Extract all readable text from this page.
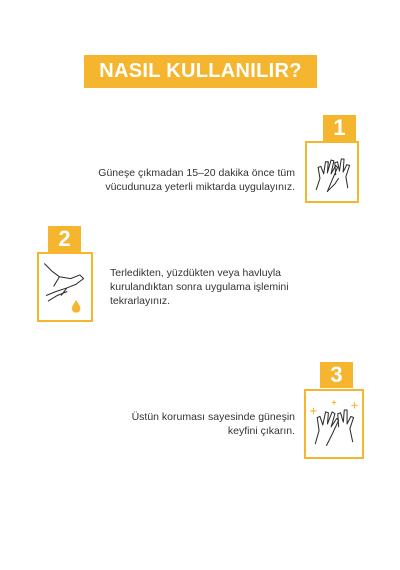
NASIL KULLANILIR?
1
Güneşe çıkmadan 15–20 dakika önce tüm
vücudunuza yeterli miktarda uygulayınız.
2
Terledikten, yüzdükten veya havluyla
kurulandıktan sonra uygulama işlemini
tekrarlayınız.
3
Üstün koruması sayesinde güneşin
keyfini çıkarın.
